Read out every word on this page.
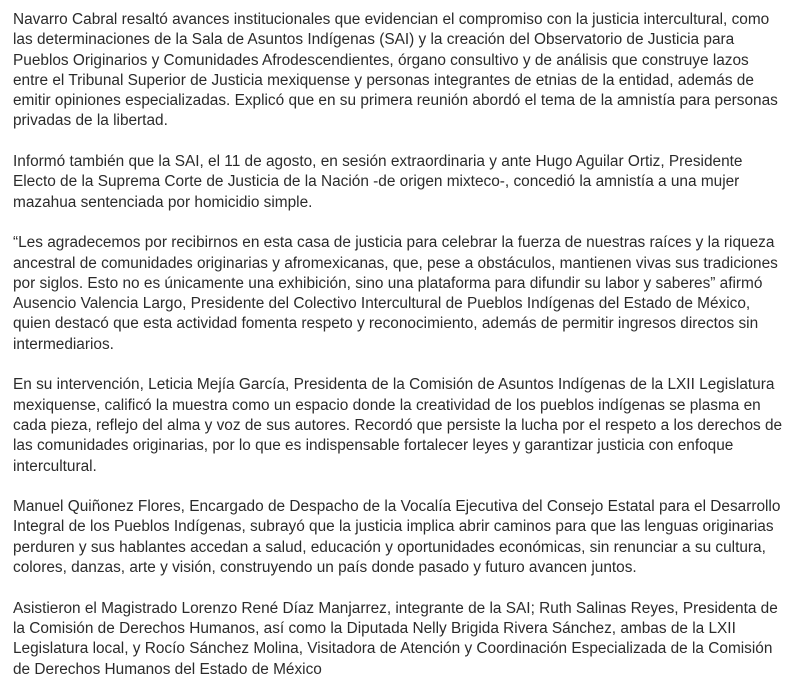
Navarro Cabral resaltó avances institucionales que evidencian el compromiso con la justicia intercultural, como las determinaciones de la Sala de Asuntos Indígenas (SAI) y la creación del Observatorio de Justicia para Pueblos Originarios y Comunidades Afrodescendientes, órgano consultivo y de análisis que construye lazos entre el Tribunal Superior de Justicia mexiquense y personas integrantes de etnias de la entidad, además de emitir opiniones especializadas. Explicó que en su primera reunión abordó el tema de la amnistía para personas privadas de la libertad.

Informó también que la SAI, el 11 de agosto, en sesión extraordinaria y ante Hugo Aguilar Ortiz, Presidente Electo de la Suprema Corte de Justicia de la Nación -de origen mixteco-, concedió la amnistía a una mujer mazahua sentenciada por homicidio simple.

“Les agradecemos por recibirnos en esta casa de justicia para celebrar la fuerza de nuestras raíces y la riqueza ancestral de comunidades originarias y afromexicanas, que, pese a obstáculos, mantienen vivas sus tradiciones por siglos. Esto no es únicamente una exhibición, sino una plataforma para difundir su labor y saberes” afirmó Ausencio Valencia Largo, Presidente del Colectivo Intercultural de Pueblos Indígenas del Estado de México, quien destacó que esta actividad fomenta respeto y reconocimiento, además de permitir ingresos directos sin intermediarios.

En su intervención, Leticia Mejía García, Presidenta de la Comisión de Asuntos Indígenas de la LXII Legislatura mexiquense, calificó la muestra como un espacio donde la creatividad de los pueblos indígenas se plasma en cada pieza, reflejo del alma y voz de sus autores. Recordó que persiste la lucha por el respeto a los derechos de las comunidades originarias, por lo que es indispensable fortalecer leyes y garantizar justicia con enfoque intercultural.

Manuel Quiñonez Flores, Encargado de Despacho de la Vocalía Ejecutiva del Consejo Estatal para el Desarrollo Integral de los Pueblos Indígenas, subrayó que la justicia implica abrir caminos para que las lenguas originarias perduren y sus hablantes accedan a salud, educación y oportunidades económicas, sin renunciar a su cultura, colores, danzas, arte y visión, construyendo un país donde pasado y futuro avancen juntos.

Asistieron el Magistrado Lorenzo René Díaz Manjarrez, integrante de la SAI; Ruth Salinas Reyes, Presidenta de la Comisión de Derechos Humanos, así como la Diputada Nelly Brigida Rivera Sánchez, ambas de la LXII Legislatura local, y Rocío Sánchez Molina, Visitadora de Atención y Coordinación Especializada de la Comisión de Derechos Humanos del Estado de México
